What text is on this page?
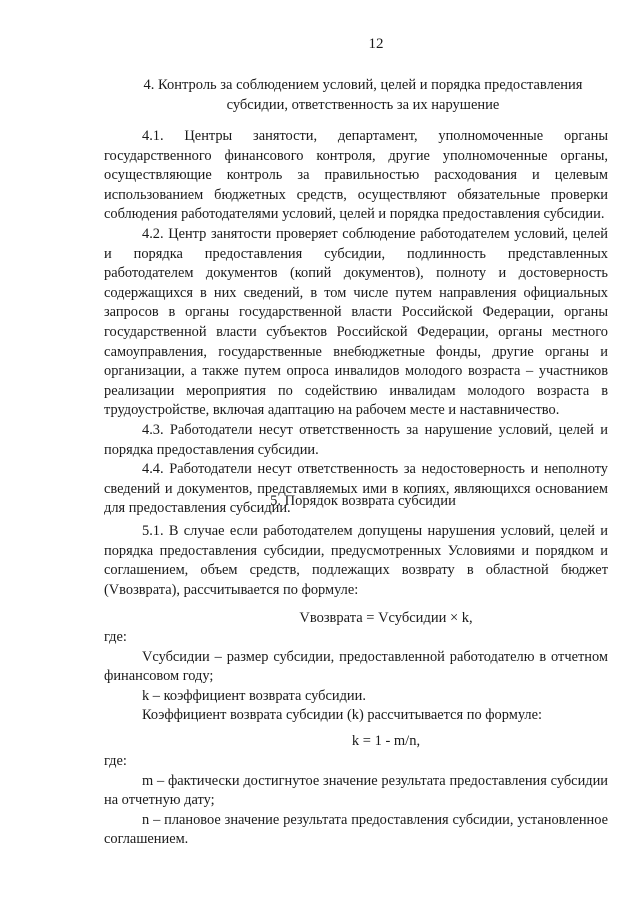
12
4. Контроль за соблюдением условий, целей и порядка предоставления
субсидии, ответственность за их нарушение

4.1. Центры занятости, департамент, уполномоченные органы государственного финансового контроля, другие уполномоченные органы, осуществляющие контроль за правильностью расходования и целевым использованием бюджетных средств, осуществляют обязательные проверки соблюдения работодателями условий, целей и порядка предоставления субсидии.

4.2. Центр занятости проверяет соблюдение работодателем условий, целей и порядка предоставления субсидии, подлинность представленных работодателем документов (копий документов), полноту и достоверность содержащихся в них сведений, в том числе путем направления официальных запросов в органы государственной власти Российской Федерации, органы государственной власти субъектов Российской Федерации, органы местного самоуправления, государственные внебюджетные фонды, другие органы и организации, а также путем опроса инвалидов молодого возраста – участников реализации мероприятия по содействию инвалидам молодого возраста в трудоустройстве, включая адаптацию на рабочем месте и наставничество.

4.3. Работодатели несут ответственность за нарушение условий, целей и порядка предоставления субсидии.

4.4. Работодатели несут ответственность за недостоверность и неполноту сведений и документов, представляемых ими в копиях, являющихся основанием для предоставления субсидии.

5. Порядок возврата субсидии

5.1. В случае если работодателем допущены нарушения условий, целей и порядка предоставления субсидии, предусмотренных Условиями и порядком и соглашением, объем средств, подлежащих возврату в областной бюджет (Vвозврата), рассчитывается по формуле:

Vвозврата = Vсубсидии × k,

где:

Vсубсидии – размер субсидии, предоставленной работодателю в отчетном финансовом году;

k – коэффициент возврата субсидии.

Коэффициент возврата субсидии (k) рассчитывается по формуле:

k = 1 - m/n,

где:

m – фактически достигнутое значение результата предоставления субсидии на отчетную дату;

n – плановое значение результата предоставления субсидии, установленное соглашением.
